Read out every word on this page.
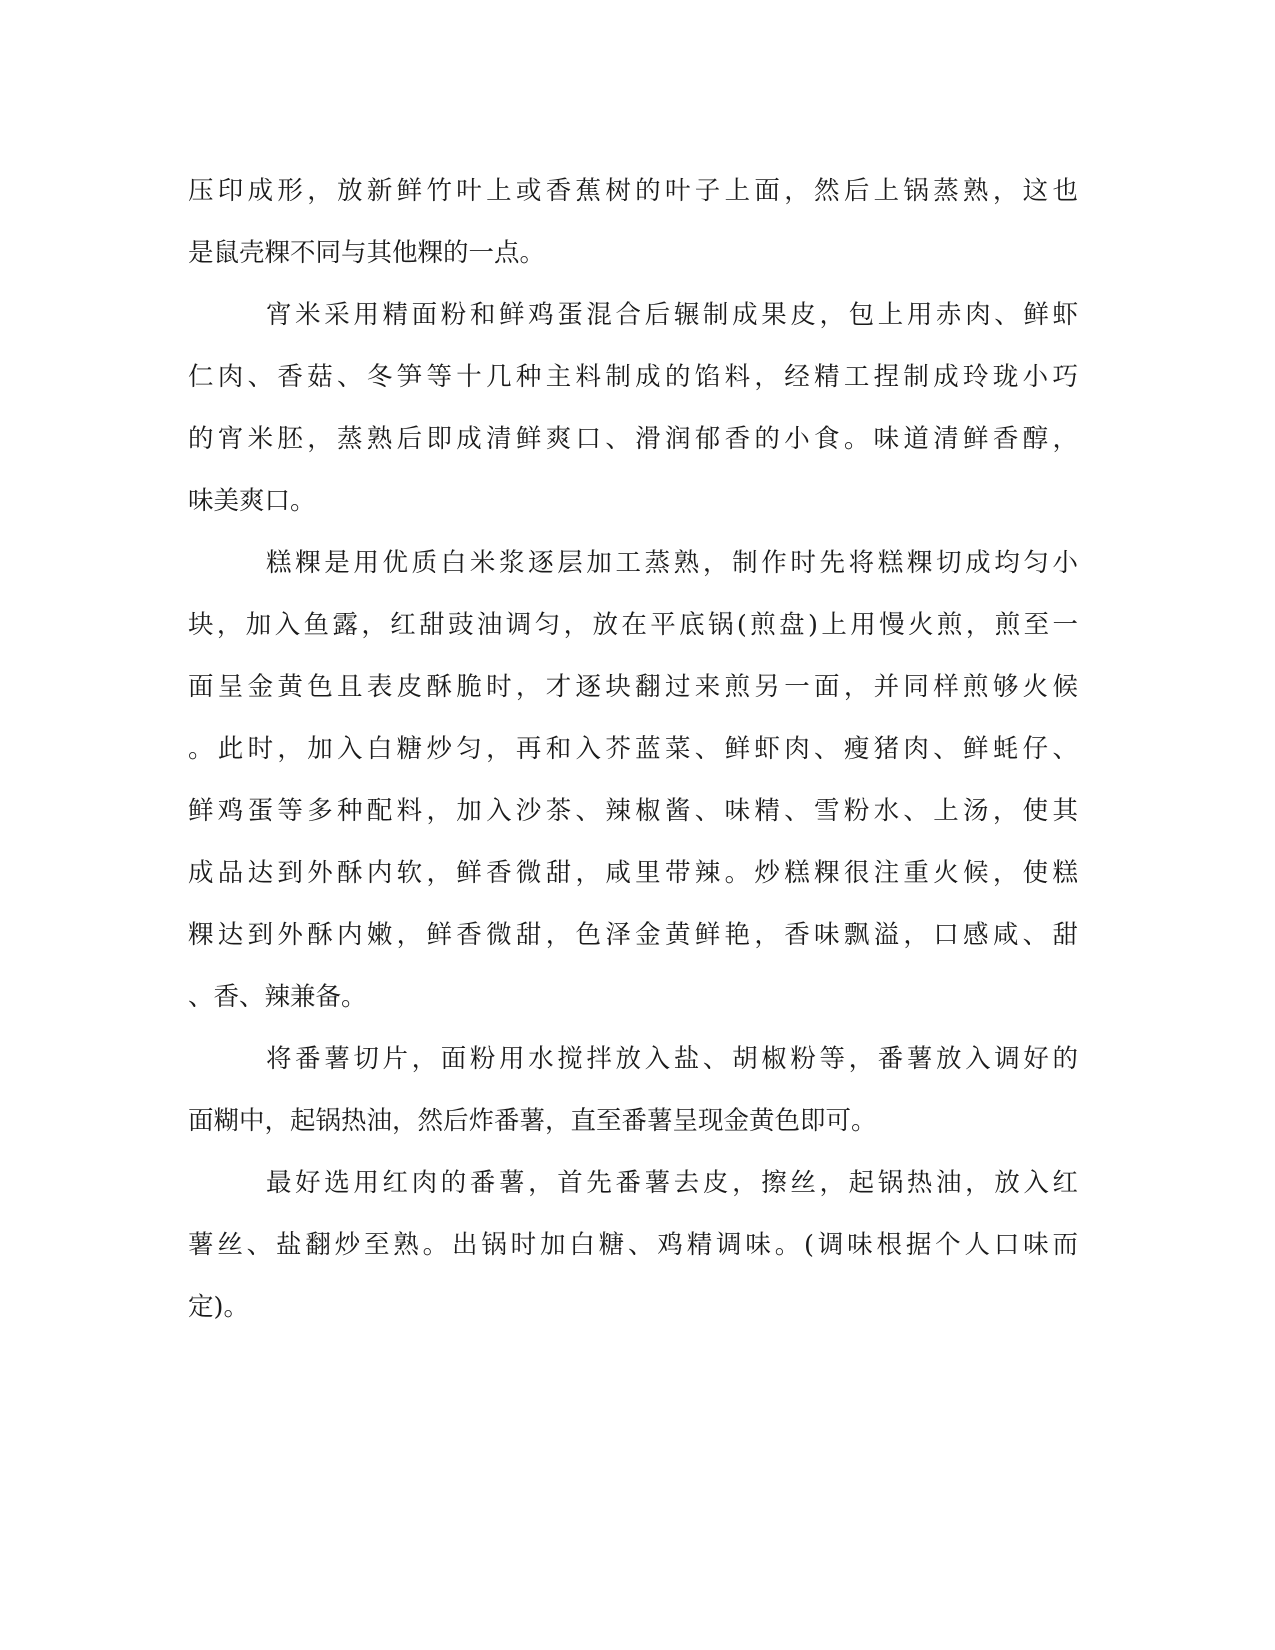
压印成形，放新鲜竹叶上或香蕉树的叶子上面，然后上锅蒸熟，这也
是鼠壳粿不同与其他粿的一点。
宵米采用精面粉和鲜鸡蛋混合后辗制成果皮，包上用赤肉、鲜虾
仁肉、香菇、冬笋等十几种主料制成的馅料，经精工捏制成玲珑小巧
的宵米胚，蒸熟后即成清鲜爽口、滑润郁香的小食。味道清鲜香醇，
味美爽口。
糕粿是用优质白米浆逐层加工蒸熟，制作时先将糕粿切成均匀小
块，加入鱼露，红甜豉油调匀，放在平底锅(煎盘)上用慢火煎，煎至一
面呈金黄色且表皮酥脆时，才逐块翻过来煎另一面，并同样煎够火候
。此时，加入白糖炒匀，再和入芥蓝菜、鲜虾肉、瘦猪肉、鲜蚝仔、
鲜鸡蛋等多种配料，加入沙茶、辣椒酱、味精、雪粉水、上汤，使其
成品达到外酥内软，鲜香微甜，咸里带辣。炒糕粿很注重火候，使糕
粿达到外酥内嫩，鲜香微甜，色泽金黄鲜艳，香味飘溢，口感咸、甜
、香、辣兼备。
将番薯切片，面粉用水搅拌放入盐、胡椒粉等，番薯放入调好的
面糊中，起锅热油，然后炸番薯，直至番薯呈现金黄色即可。
最好选用红肉的番薯，首先番薯去皮，擦丝，起锅热油，放入红
薯丝、盐翻炒至熟。出锅时加白糖、鸡精调味。(调味根据个人口味而
定)。
